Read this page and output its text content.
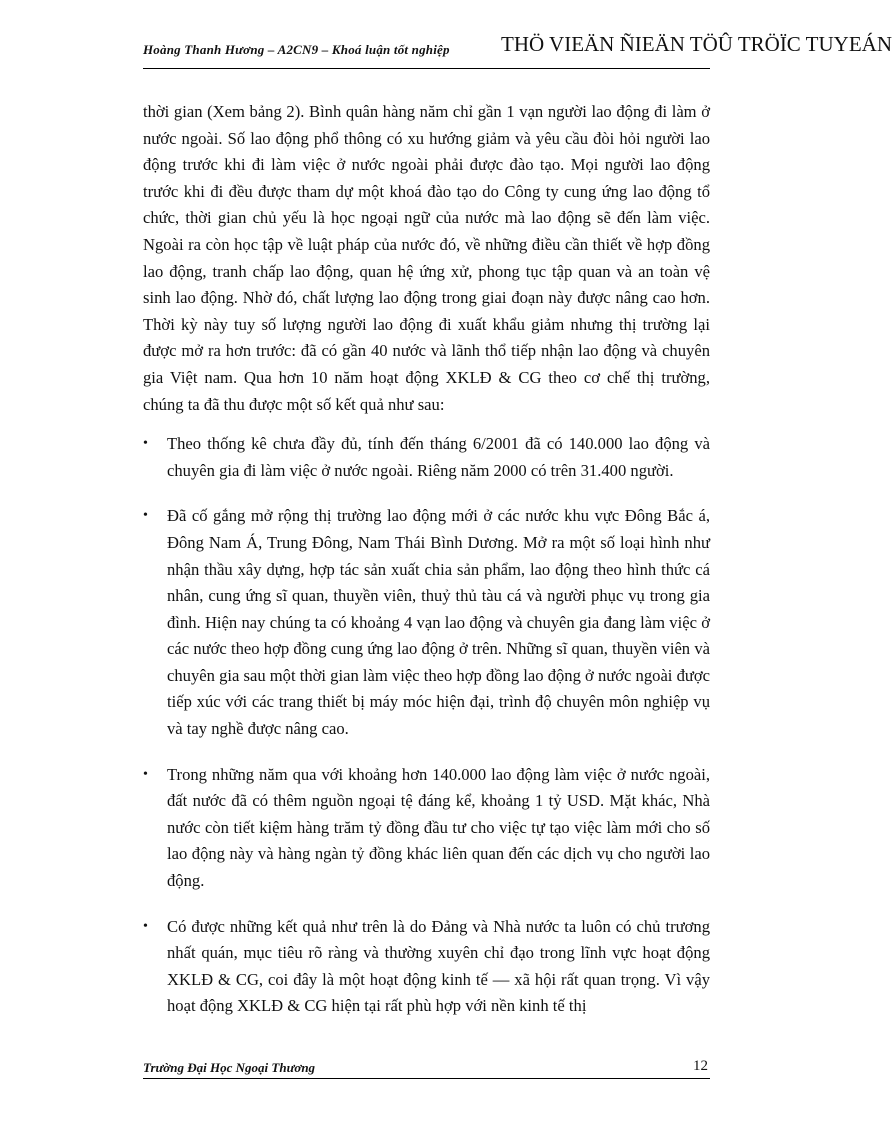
Hoàng Thanh Hương – A2CN9 – Khoá luận tốt nghiệp THÖ VIEÄN ÑIEÄN TÖÛ TRÖÏC TUYEÁN

thời gian (Xem bảng 2). Bình quân hàng năm chỉ gần 1 vạn người lao động đi làm ở nước ngoài. Số lao động phổ thông có xu hướng giảm và yêu cầu đòi hỏi người lao động trước khi đi làm việc ở nước ngoài phải được đào tạo. Mọi người lao động trước khi đi đều được tham dự một khoá đào tạo do Công ty cung ứng lao động tổ chức, thời gian chủ yếu là học ngoại ngữ của nước mà lao động sẽ đến làm việc. Ngoài ra còn học tập về luật pháp của nước đó, về những điều cần thiết về hợp đồng lao động, tranh chấp lao động, quan hệ ứng xử, phong tục tập quan và an toàn vệ sinh lao động. Nhờ đó, chất lượng lao động trong giai đoạn này được nâng cao hơn. Thời kỳ này tuy số lượng người lao động đi xuất khẩu giảm nhưng thị trường lại được mở ra hơn trước: đã có gần 40 nước và lãnh thổ tiếp nhận lao động và chuyên gia Việt nam. Qua hơn 10 năm hoạt động XKLĐ & CG theo cơ chế thị trường, chúng ta đã thu được một số kết quả như sau:

•	Theo thống kê chưa đầy đủ, tính đến tháng 6/2001 đã có 140.000 lao động và chuyên gia đi làm việc ở nước ngoài. Riêng năm 2000 có trên 31.400 người.
•	Đã cố gắng mở rộng thị trường lao động mới ở các nước khu vực Đông Bắc á, Đông Nam Á, Trung Đông, Nam Thái Bình Dương. Mở ra một số loại hình như nhận thầu xây dựng, hợp tác sản xuất chia sản phẩm, lao động theo hình thức cá nhân, cung ứng sĩ quan, thuyền viên, thuỷ thủ tàu cá và người phục vụ trong gia đình. Hiện nay chúng ta có khoảng 4 vạn lao động và chuyên gia đang làm việc ở các nước theo hợp đồng cung ứng lao động ở trên. Những sĩ quan, thuyền viên và chuyên gia sau một thời gian làm việc theo hợp đồng lao động ở nước ngoài được tiếp xúc với các trang thiết bị máy móc hiện đại, trình độ chuyên môn nghiệp vụ và tay nghề được nâng cao.
•	Trong những năm qua với khoảng hơn 140.000 lao động làm việc ở nước ngoài, đất nước đã có thêm nguồn ngoại tệ đáng kể, khoảng 1 tỷ USD. Mặt khác, Nhà nước còn tiết kiệm hàng trăm tỷ đồng đầu tư cho việc tự tạo việc làm mới cho số lao động này và hàng ngàn tỷ đồng khác liên quan đến các dịch vụ cho người lao động.
•	Có được những kết quả như trên là do Đảng và Nhà nước ta luôn có chủ trương nhất quán, mục tiêu rõ ràng và thường xuyên chỉ đạo trong lĩnh vực hoạt động XKLĐ & CG, coi đây là một hoạt động kinh tế — xã hội rất quan trọng. Vì vậy hoạt động XKLĐ & CG hiện tại rất phù hợp với nền kinh tế thị
Trường Đại Học Ngoại Thương	12
